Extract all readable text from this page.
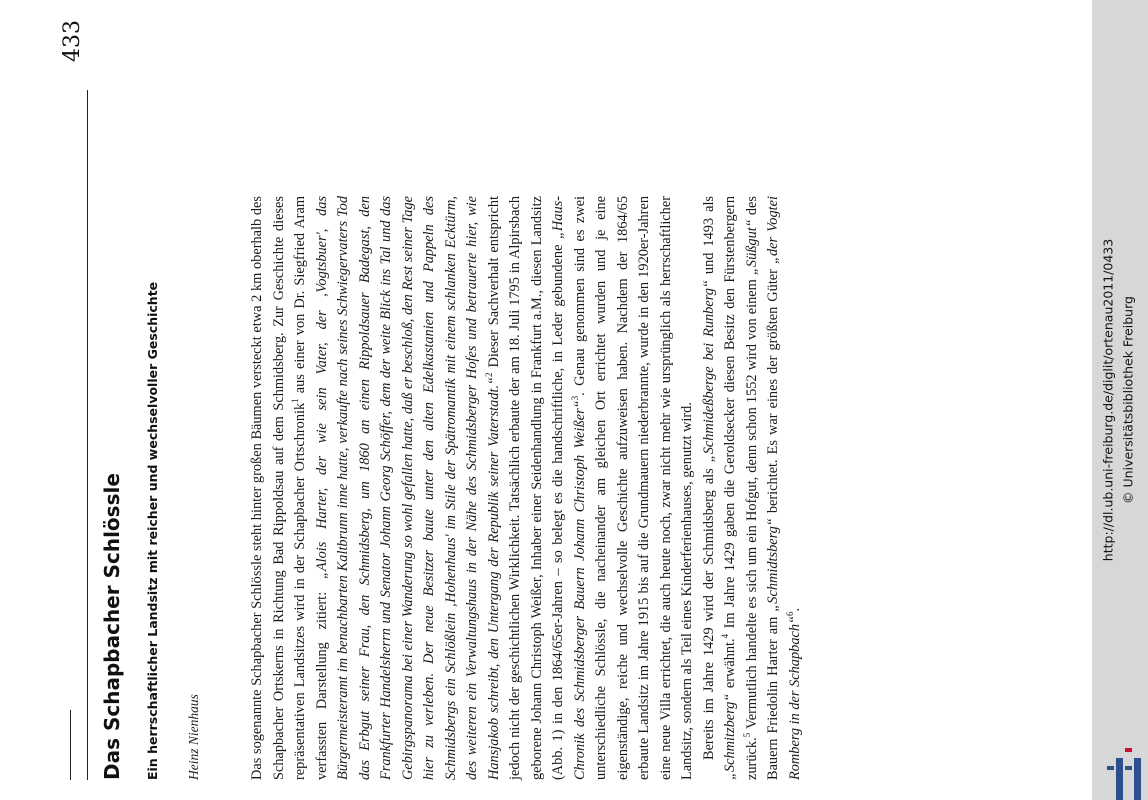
433
Das Schapbacher Schlössle Ein herrschaftlicher Landsitz mit reicher und wechselvoller Geschichte Heinz Nienhaus	Das sogenannte Schapbacher Schlössle steht hinter großen Bäumen versteckt etwa 2 km oberhalb des Schapbacher Ortskerns in Richtung Bad Rippoldsau auf dem Schmidsberg. Zur Geschichte dieses repräsentativen Landsitzes wird in der Schapbacher Ortschronik$^1$ aus einer von Dr. Siegfried Aram verfassten Darstellung zitiert: „Alois Harter, der wie sein Vater, der ‚Vogtsbuer', das Bürgermeisteramt im benachbarten Kaltbrunn inne hatte, verkaufte nach seines Schwiegervaters Tod das Erbgut seiner Frau, den Schmidsberg, um 1860 an einen Rippoldsauer Badegast, den Frankfurter Handelsherrn und Senator Johann Georg Schöffer, dem der weite Blick ins Tal und das Gebirgspanorama bei einer Wanderung so wohl gefallen hatte, daß er beschloß, den Rest seiner Tage hier zu verleben. Der neue Besitzer baute unter den alten Edelkastanien und Pappeln des Schmidsbergs ein Schlößlein ‚Hohenhaus' im Stile der Spätromantik mit einem schlanken Ecktürm, des weiteren ein Verwaltungshaus in der Nähe des Schmidsberger Hofes und betrauerte hier, wie Hansjakob schreibt, den Untergang der Republik seiner Vaterstadt.“$^2$ Dieser Sachverhalt entspricht jedoch nicht der geschichtlichen Wirklichkeit. Tatsächlich erbaute der am 18. Juli 1795 in Alpirsbach geborene Johann Christoph Weißer, Inhaber einer Seidenhandlung in Frankfurt a.M., diesen Landsitz (Abb. 1) in den 1864/65er-Jahren – so belegt es die handschriftliche, in Leder gebundene „Haus-Chronik des Schmidsberger Bauern Johann Christoph Weißer“$^3$. Genau genommen sind es zwei unterschiedliche Schlössle, die nacheinander am gleichen Ort errichtet wurden und je eine eigenständige, reiche und wechselvolle Geschichte aufzuweisen haben. Nachdem der 1864/65 erbaute Landsitz im Jahre 1915 bis auf die Grundmauern niederbrannte, wurde in den 1920er-Jahren eine neue Villa errichtet, die auch heute noch, zwar nicht mehr wie ursprünglich als herrschaftlicher Landsitz, sondern als Teil eines Kinderferienhauses, genutzt wird. Bereits im Jahre 1429 wird der Schmidsberg als „Schmideßberge bei Runberg“ und 1493 als „Schmitzberg“ erwähnt.$^4$ Im Jahre 1429 gaben die Geroldsecker diesen Besitz den Fürstenbergern zurück.$^5$ Vermutlich handelte es sich um ein Hofgut, denn schon 1552 wird von einem „Süßgut“ des Bauern Friedolin Harter am „Schmidtsberg“ berichtet. Es war eines der größten Güter „der Vogtei Romberg in der Schapbach“$^6$.

http://dl.ub.uni-freiburg.de/diglit/ortenau2011/0433 © Universitätsbibliothek Freiburg
